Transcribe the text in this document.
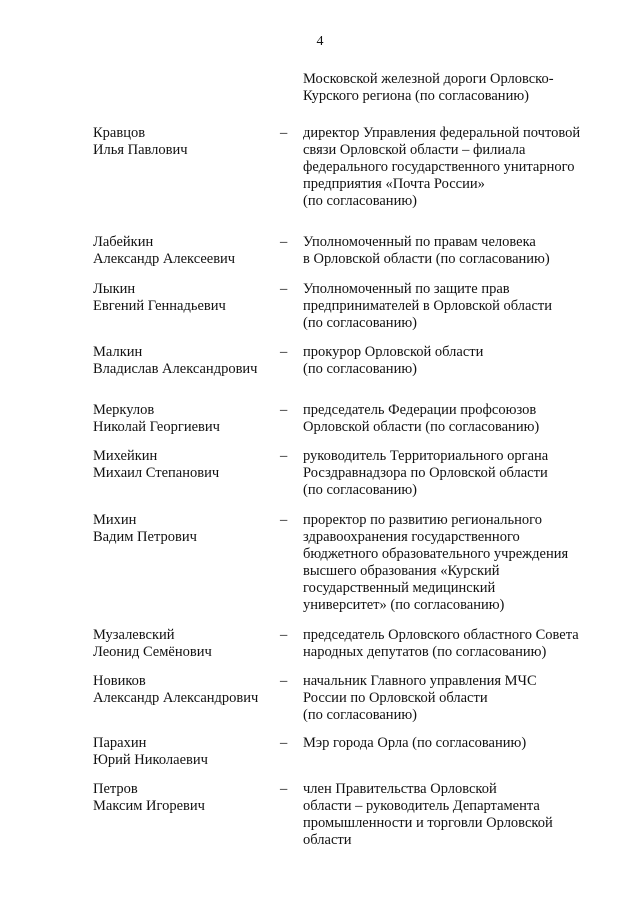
4
Московской железной дороги Орловско-
Курского региона (по согласованию)
Кравцов
Илья Павлович
– директор Управления федеральной почтовой
связи Орловской области – филиала
федерального государственного унитарного
предприятия «Почта России»
(по согласованию)
Лабейкин
Александр Алексеевич
– Уполномоченный по правам человека
в Орловской области (по согласованию)
Лыкин
Евгений Геннадьевич
– Уполномоченный по защите прав
предпринимателей в Орловской области
(по согласованию)
Малкин
Владислав Александрович
– прокурор Орловской области
(по согласованию)
Меркулов
Николай Георгиевич
– председатель Федерации профсоюзов
Орловской области (по согласованию)
Михейкин
Михаил Степанович
– руководитель Территориального органа
Росздравнадзора по Орловской области
(по согласованию)
Михин
Вадим Петрович
– проректор по развитию регионального
здравоохранения государственного
бюджетного образовательного учреждения
высшего образования «Курский
государственный медицинский
университет» (по согласованию)
Музалевский
Леонид Семёнович
– председатель Орловского областного Совета
народных депутатов (по согласованию)
Новиков
Александр Александрович
– начальник Главного управления МЧС
России по Орловской области
(по согласованию)
Парахин
Юрий Николаевич
– Мэр города Орла (по согласованию)
Петров
Максим Игоревич
– член Правительства Орловской
области – руководитель Департамента
промышленности и торговли Орловской
области
